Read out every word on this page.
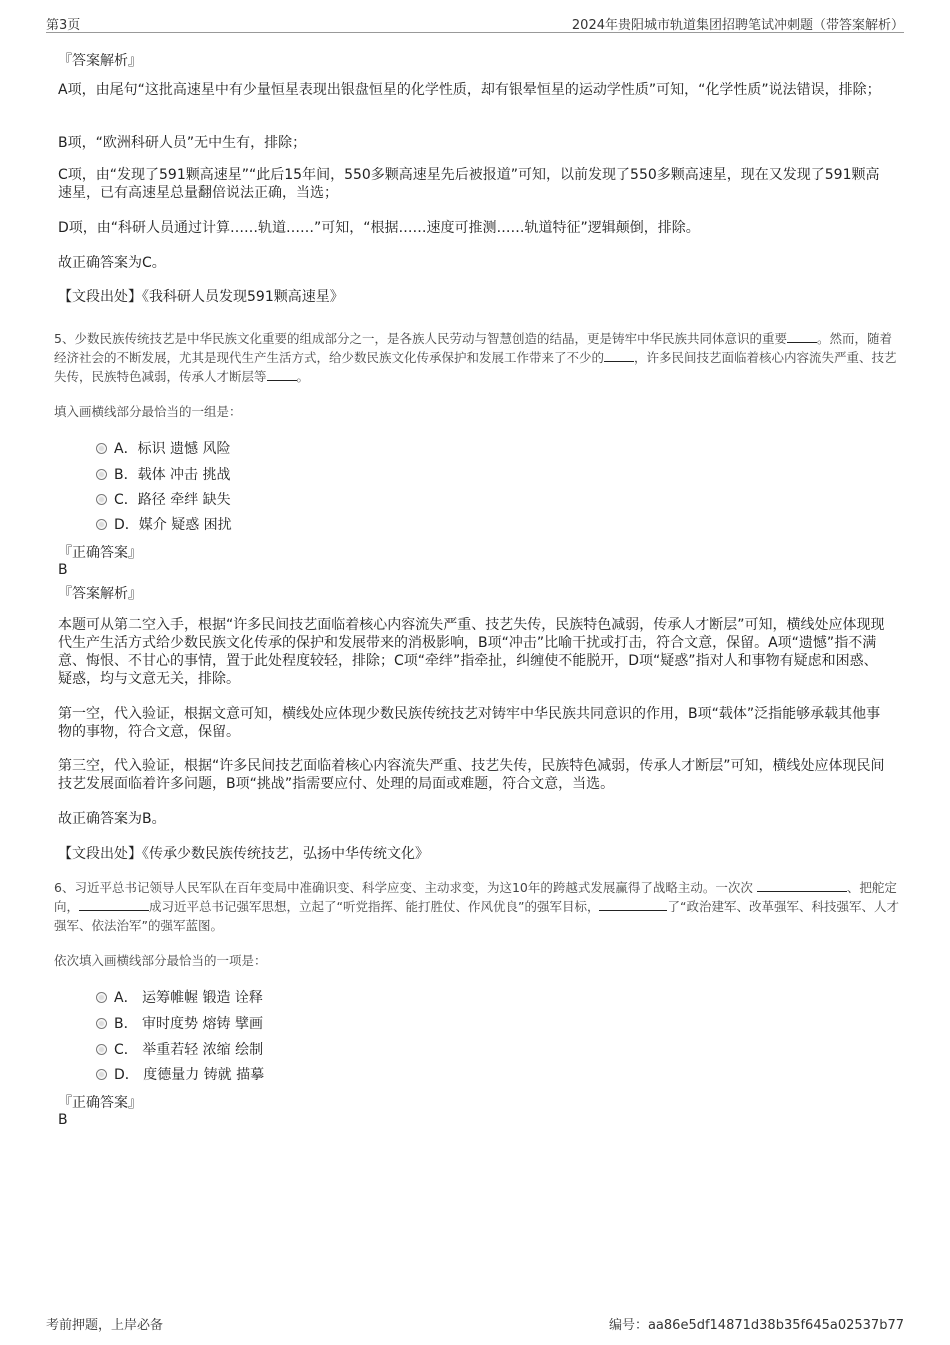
第3页	2024年贵阳城市轨道集团招聘笔试冲刺题（带答案解析）

『答案解析』

A项，由尾句“这批高速星中有少量恒星表现出银盘恒星的化学性质，却有银晕恒星的运动学性质”可知，“化学性质”说法错误，排除；

B项，“欧洲科研人员”无中生有，排除；

C项，由“发现了591颗高速星”“此后15年间，550多颗高速星先后被报道”可知，以前发现了550多颗高速星，现在又发现了591颗高速星，已有高速星总量翻倍说法正确，当选；

D项，由“科研人员通过计算……轨道……”可知，“根据……速度可推测……轨道特征”逻辑颠倒，排除。

故正确答案为C。

【文段出处】《我科研人员发现591颗高速星》

5、少数民族传统技艺是中华民族文化重要的组成部分之一，是各族人民劳动与智慧创造的结晶，更是铸牢中华民族共同体意识的重要 。然而，随着经济社会的不断发展，尤其是现代生产生活方式，给少数民族文化传承保护和发展工作带来了不少的 ，许多民间技艺面临着核心内容流失严重、技艺失传，民族特色减弱，传承人才断层等 。

填入画横线部分最恰当的一组是：

A．标识 遗憾 风险
B．载体 冲击 挑战
C．路径 牵绊 缺失
D．媒介 疑惑 困扰

『正确答案』

B

『答案解析』

本题可从第二空入手，根据“许多民间技艺面临着核心内容流失严重、技艺失传，民族特色减弱，传承人才断层”可知，横线处应体现现代生产生活方式给少数民族文化传承的保护和发展带来的消极影响，B项“冲击”比喻干扰或打击，符合文意，保留。A项“遗憾”指不满意、悔恨、不甘心的事情，置于此处程度较轻，排除；C项“牵绊”指牵扯，纠缠使不能脱开，D项“疑惑”指对人和事物有疑虑和困惑、疑惑，均与文意无关，排除。

第一空，代入验证，根据文意可知，横线处应体现少数民族传统技艺对铸牢中华民族共同意识的作用，B项“载体”泛指能够承载其他事物的事物，符合文意，保留。

第三空，代入验证，根据“许多民间技艺面临着核心内容流失严重、技艺失传，民族特色减弱，传承人才断层”可知，横线处应体现民间技艺发展面临着许多问题，B项“挑战”指需要应付、处理的局面或难题，符合文意，当选。

故正确答案为B。

【文段出处】《传承少数民族传统技艺，弘扬中华传统文化》

6、习近平总书记领导人民军队在百年变局中准确识变、科学应变、主动求变，为这10年的跨越式发展赢得了战略主动。一次次	、把舵定向，	成习近平总书记强军思想，立起了“听党指挥、能打胜仗、作风优良”的强军目标，	了“政治建军、改革强军、科技强军、人才强军、依法治军”的强军蓝图。

依次填入画横线部分最恰当的一项是：

A． 运筹帷幄 锻造 诠释
B． 审时度势 熔铸 擘画
C． 举重若轻 浓缩 绘制
D． 度德量力 铸就 描摹

『正确答案』

B

考前押题，上岸必备	编号：aa86e5df14871d38b35f645a02537b77
